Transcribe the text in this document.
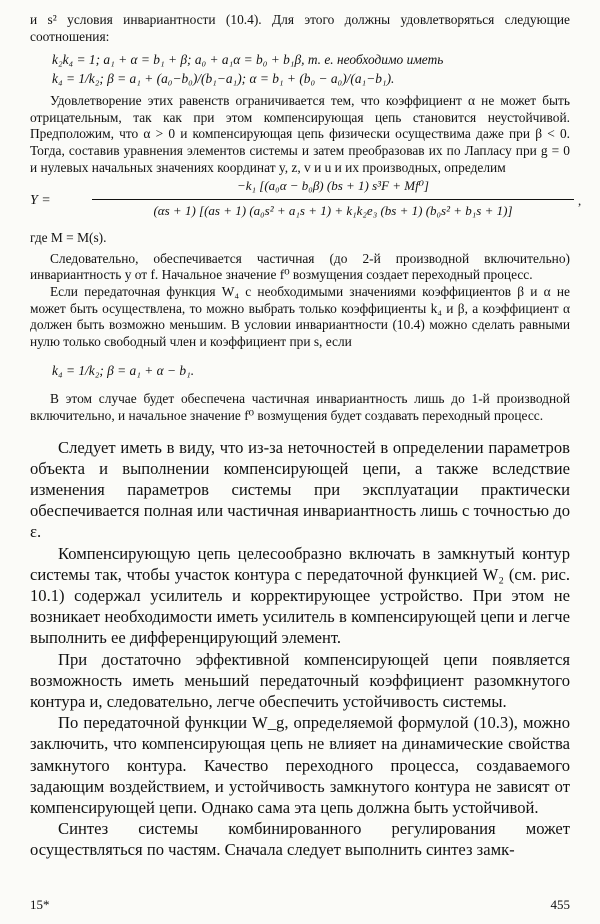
и s² условия инвариантности (10.4). Для этого должны удовлетворяться следующие соотношения:

k₂k₄ = 1; a₁ + α = b₁ + β; a₀ + a₁α = b₀ + b₁β, т. е. необходимо иметь

k₄ = 1/k₂; β = a₁ + (a₀−b₀)/(b₁−a₁); α = b₁ + (b₀ − a₀)/(a₁−b₁).

Удовлетворение этих равенств ограничивается тем, что коэффициент α не может быть отрицательным, так как при этом компенсирующая цепь становится неустойчивой. Предположим, что α > 0 и компенсирующая цепь физически осуществима даже при β < 0. Тогда, составив уравнения элементов системы и затем преобразовав их по Лапласу при g = 0 и нулевых начальных значениях координат y, z, v и u и их производных, определим

Y =
−k₁ [(a₀α − b₀β) (bs + 1) s³F + Mf⁰]
(αs + 1) [(as + 1) (a₀s² + a₁s + 1) + k₁k₂e₃ (bs + 1) (b₀s² + b₁s + 1)]
,

где M = M(s).

Следовательно, обеспечивается частичная (до 2-й производной включительно) инвариантность y от f. Начальное значение f⁰ возмущения создает переходный процесс.

Если передаточная функция W₄ с необходимыми значениями коэффициентов β и α не может быть осуществлена, то можно выбрать только коэффициенты k₄ и β, а коэффициент α должен быть возможно меньшим. В условии инвариантности (10.4) можно сделать равными нулю только свободный член и коэффициент при s, если

k₄ = 1/k₂; β = a₁ + α − b₁.

В этом случае будет обеспечена частичная инвариантность лишь до 1-й производной включительно, и начальное значение f⁰ возмущения будет создавать переходный процесс.

Следует иметь в виду, что из-за неточностей в определении параметров объекта и выполнении компенсирующей цепи, а также вследствие изменения параметров системы при эксплуатации практически обеспечивается полная или частичная инвариантность лишь с точностью до ε.

Компенсирующую цепь целесообразно включать в замкнутый контур системы так, чтобы участок контура с передаточной функцией W₂ (см. рис. 10.1) содержал усилитель и корректирующее устройство. При этом не возникает необходимости иметь усилитель в компенсирующей цепи и легче выполнить ее дифференцирующий элемент.

При достаточно эффективной компенсирующей цепи появляется возможность иметь меньший передаточный коэффициент разомкнутого контура и, следовательно, легче обеспечить устойчивость системы.

По передаточной функции W_g, определяемой формулой (10.3), можно заключить, что компенсирующая цепь не влияет на динамические свойства замкнутого контура. Качество переходного процесса, создаваемого задающим воздействием, и устойчивость замкнутого контура не зависят от компенсирующей цепи. Однако сама эта цепь должна быть устойчивой.

Синтез системы комбинированного регулирования может осуществляться по частям. Сначала следует выполнить синтез замк-

15*	455
